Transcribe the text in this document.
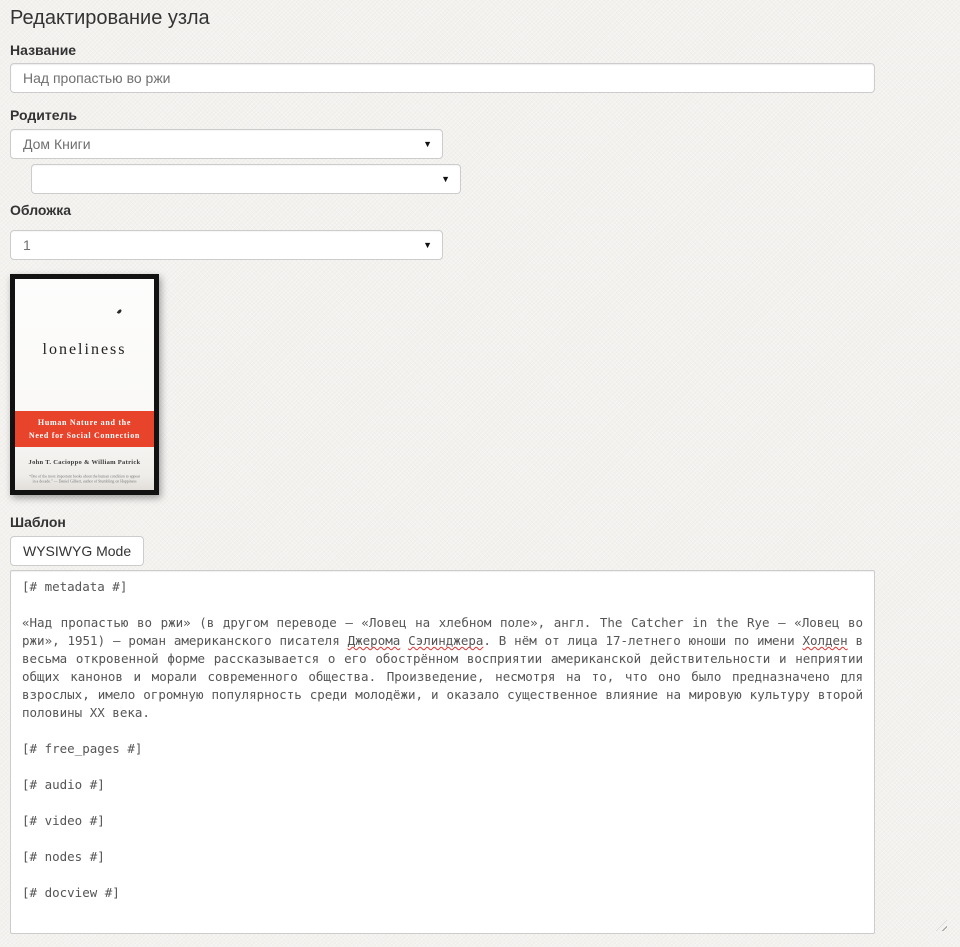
Редактирование узла
Название
Над пропастью во ржи
Родитель
Дом Книги	▼
▼
Обложка
1	▼
loneliness
Human Nature and the
Need for Social Connection
John T. Cacioppo & William Patrick
“One of the most important books about the human condition to appear
in a decade.” — Daniel Gilbert, author of Stumbling on Happiness
Шаблон
WYSIWYG Mode
[# metadata #]
«Над пропастью во ржи» (в другом переводе — «Ловец на хлебном поле», англ. The Catcher in the Rye — «Ловец во ржи», 1951) — роман американского писателя Джерома Сэлинджера. В нём от лица 17-летнего юноши по имени Холден в весьма откровенной форме рассказывается о его обострённом восприятии американской действительности и неприятии общих канонов и морали современного общества. Произведение, несмотря на то, что оно было предназначено для взрослых, имело огромную популярность среди молодёжи, и оказало существенное влияние на мировую культуру второй половины XX века.
[# free_pages #]
[# audio #]
[# video #]
[# nodes #]
[# docview #]
